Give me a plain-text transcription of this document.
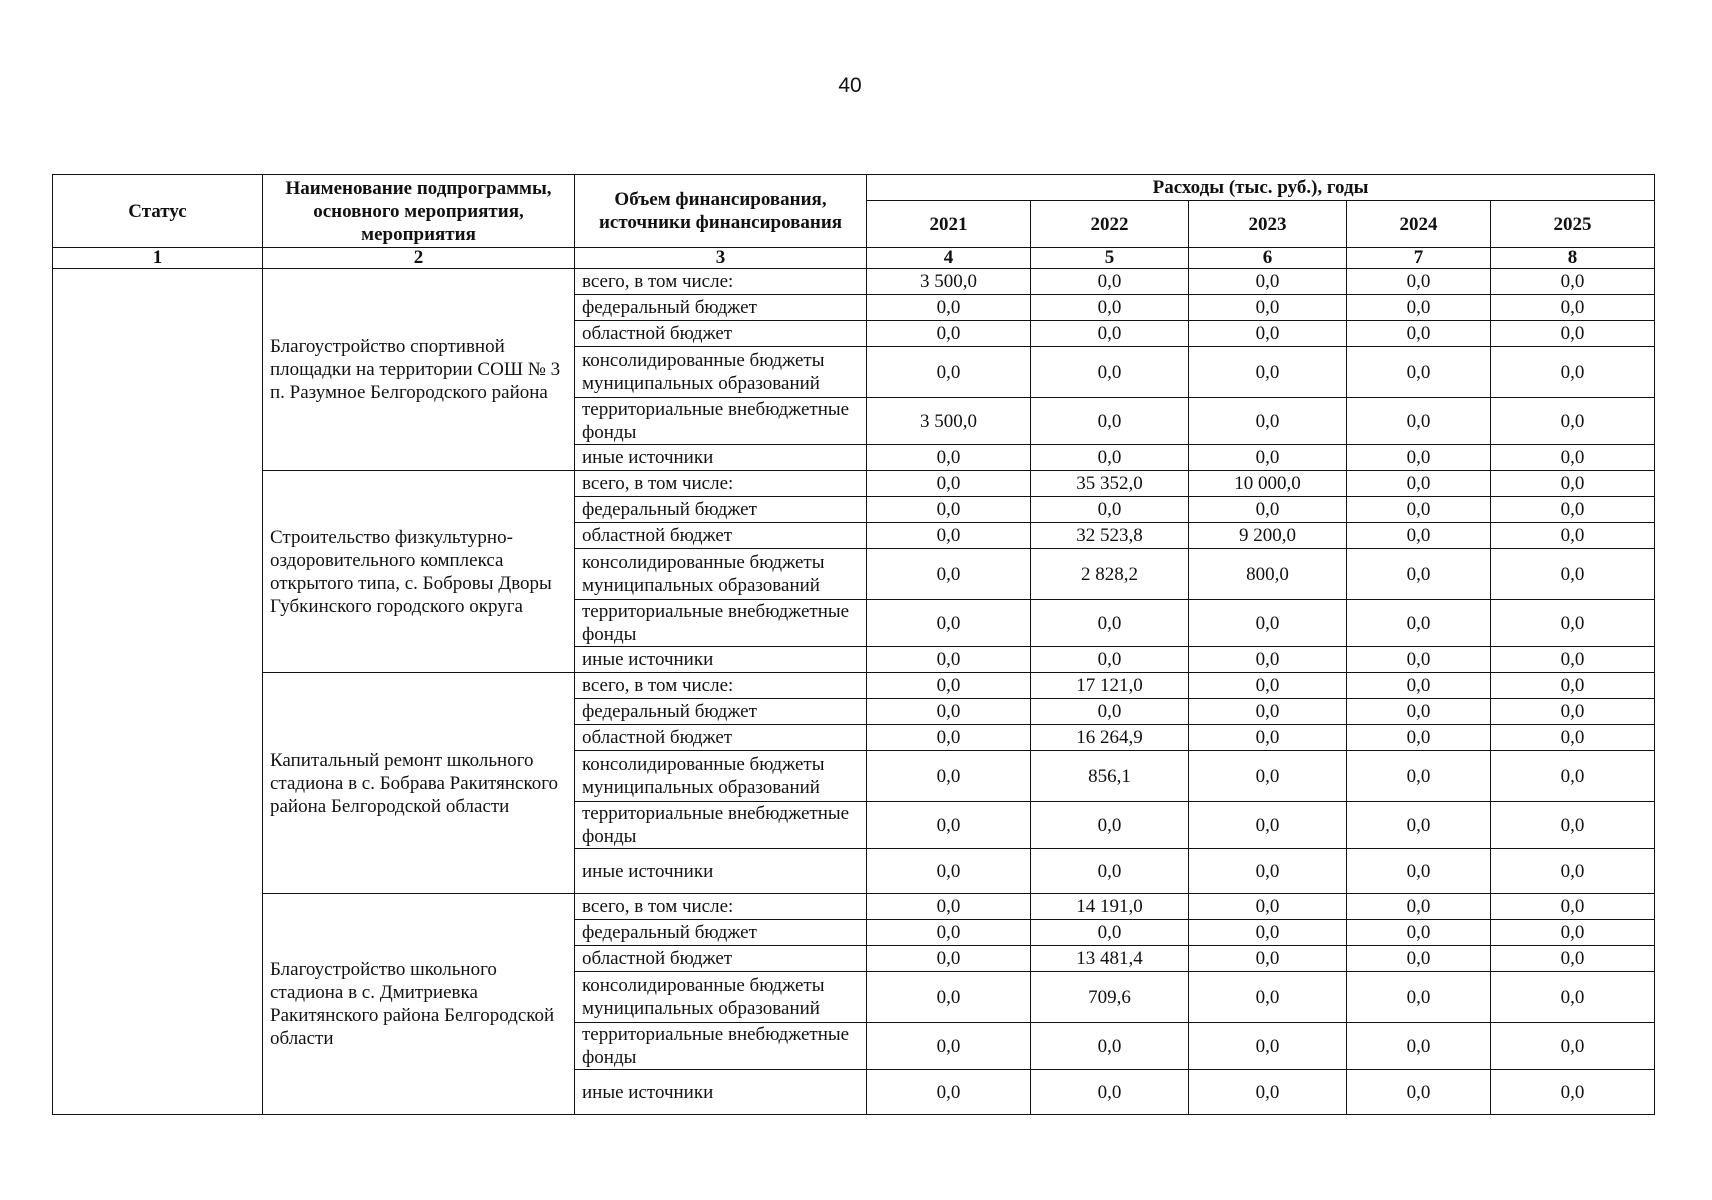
40
Статус	Наименование подпрограммы, основного мероприятия, мероприятия	Объем финансирования, источники финансирования	Расходы (тыс. руб.), годы				
			2021	2022	2023	2024	2025
1	2	3	4	5	6	7	8
	Благоустройство спортивной площадки на территории СОШ № 3 п. Разумное Белгородского района	всего, в том числе:	3 500,0	0,0	0,0	0,0	0,0
		федеральный бюджет	0,0	0,0	0,0	0,0	0,0
		областной бюджет	0,0	0,0	0,0	0,0	0,0
		консолидированные бюджеты муниципальных образований	0,0	0,0	0,0	0,0	0,0
		территориальные внебюджетные фонды	3 500,0	0,0	0,0	0,0	0,0
		иные источники	0,0	0,0	0,0	0,0	0,0
	Строительство физкультурно-оздоровительного комплекса открытого типа, с. Бобровы Дворы Губкинского городского округа	всего, в том числе:	0,0	35 352,0	10 000,0	0,0	0,0
		федеральный бюджет	0,0	0,0	0,0	0,0	0,0
		областной бюджет	0,0	32 523,8	9 200,0	0,0	0,0
		консолидированные бюджеты муниципальных образований	0,0	2 828,2	800,0	0,0	0,0
		территориальные внебюджетные фонды	0,0	0,0	0,0	0,0	0,0
		иные источники	0,0	0,0	0,0	0,0	0,0
	Капитальный ремонт школьного стадиона в с. Бобрава Ракитянского района Белгородской области	всего, в том числе:	0,0	17 121,0	0,0	0,0	0,0
		федеральный бюджет	0,0	0,0	0,0	0,0	0,0
		областной бюджет	0,0	16 264,9	0,0	0,0	0,0
		консолидированные бюджеты муниципальных образований	0,0	856,1	0,0	0,0	0,0
		территориальные внебюджетные фонды	0,0	0,0	0,0	0,0	0,0
		иные источники	0,0	0,0	0,0	0,0	0,0
	Благоустройство школьного стадиона в с. Дмитриевка Ракитянского района Белгородской области	всего, в том числе:	0,0	14 191,0	0,0	0,0	0,0
		федеральный бюджет	0,0	0,0	0,0	0,0	0,0
		областной бюджет	0,0	13 481,4	0,0	0,0	0,0
		консолидированные бюджеты муниципальных образований	0,0	709,6	0,0	0,0	0,0
		территориальные внебюджетные фонды	0,0	0,0	0,0	0,0	0,0
		иные источники	0,0	0,0	0,0	0,0	0,0
